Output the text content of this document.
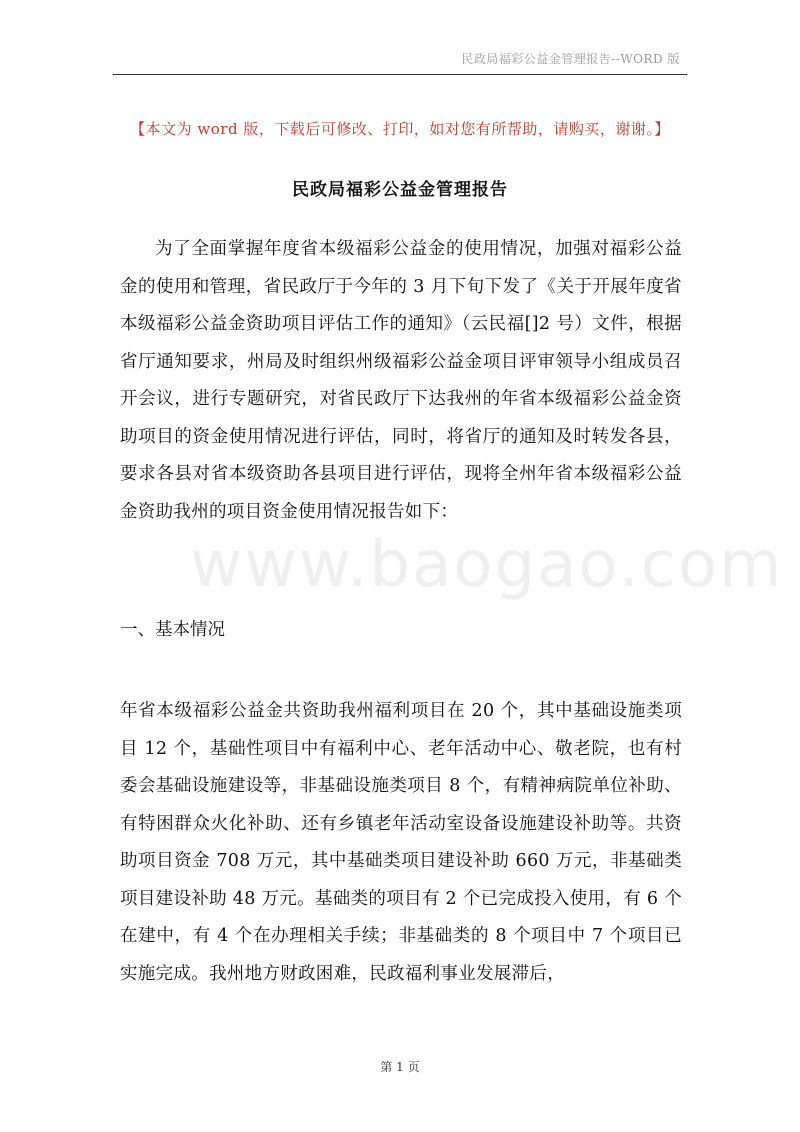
民政局福彩公益金管理报告--WORD 版
【本文为 word 版，下载后可修改、打印，如对您有所帮助，请购买，谢谢。】
民政局福彩公益金管理报告
为了全面掌握年度省本级福彩公益金的使用情况，加强对福彩公益金的使用和管理，省民政厅于今年的 3 月下旬下发了《关于开展年度省本级福彩公益金资助项目评估工作的通知》（云民福[]2 号）文件，根据省厅通知要求，州局及时组织州级福彩公益金项目评审领导小组成员召开会议，进行专题研究，对省民政厅下达我州的年省本级福彩公益金资助项目的资金使用情况进行评估，同时，将省厅的通知及时转发各县，要求各县对省本级资助各县项目进行评估，现将全州年省本级福彩公益金资助我州的项目资金使用情况报告如下：
www.baogao.com
一、基本情况
年省本级福彩公益金共资助我州福利项目在 20 个，其中基础设施类项目 12 个，基础性项目中有福利中心、老年活动中心、敬老院，也有村委会基础设施建设等，非基础设施类项目 8 个，有精神病院单位补助、有特困群众火化补助、还有乡镇老年活动室设备设施建设补助等。共资助项目资金 708 万元，其中基础类项目建设补助 660 万元，非基础类项目建设补助 48 万元。基础类的项目有 2 个已完成投入使用，有 6 个在建中，有 4 个在办理相关手续；非基础类的 8 个项目中 7 个项目已实施完成。我州地方财政困难，民政福利事业发展滞后，
第 1 页
